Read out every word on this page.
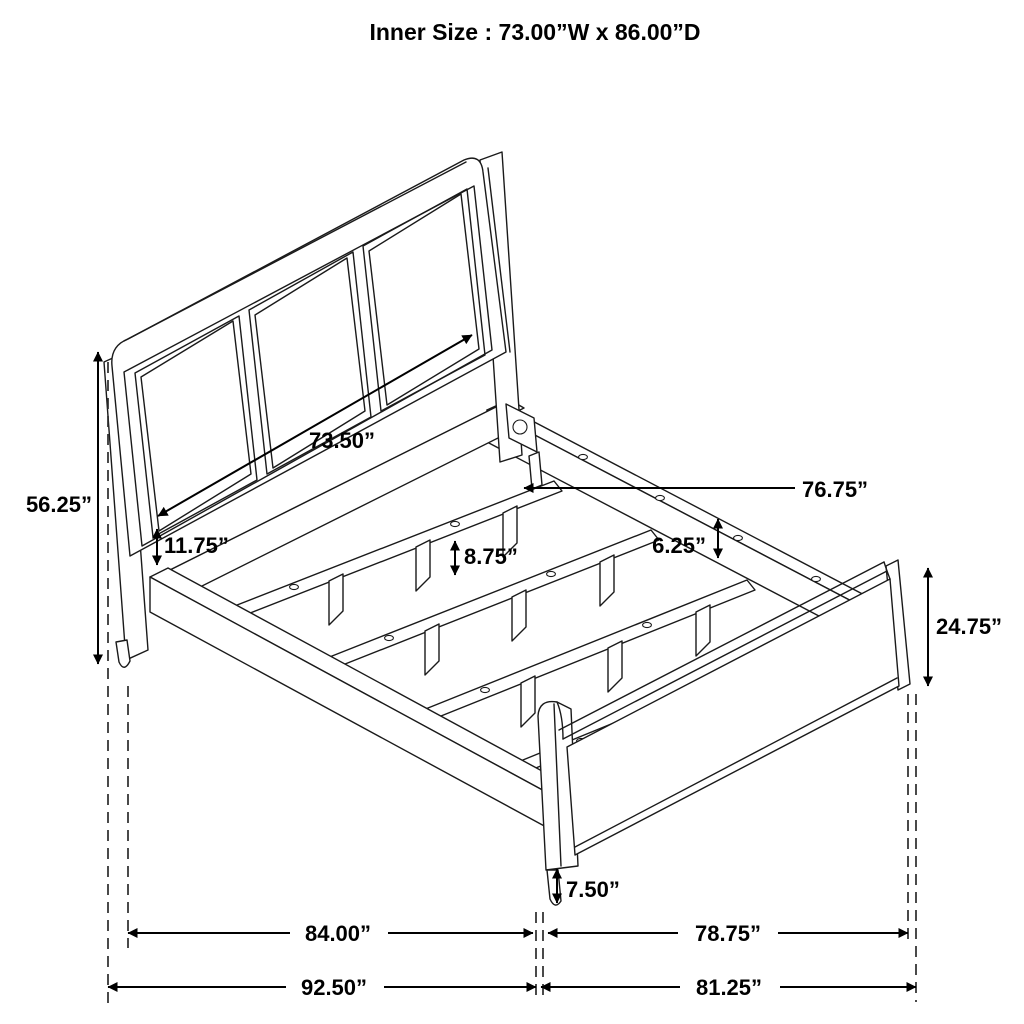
73.50”
56.25”
11.75”	8.75”
76.75”
6.25”
24.75”
7.50”
84.00”	78.75”
92.50”	81.25”
Inner Size : 73.00”W x 86.00”D
